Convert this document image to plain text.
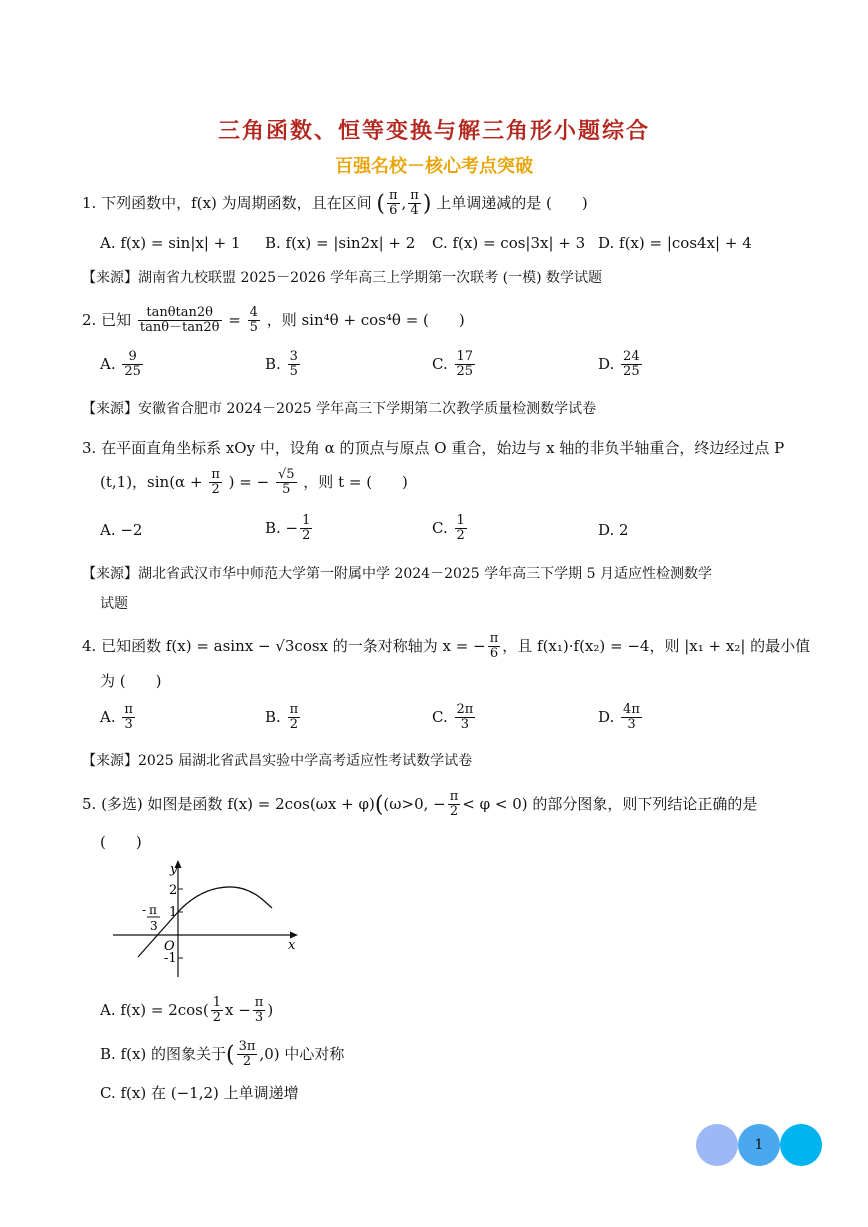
三角函数、恒等变换与解三角形小题综合
百强名校－核心考点突破
1. 下列函数中，f(x) 为周期函数，且在区间 ( $\frac{\pi}{6}$ , $\frac{\pi}{4}$ ) 上单调递减的是 (　　)
A. f(x) = sin|x| + 1 B. f(x) = |sin2x| + 2 C. f(x) = cos|3x| + 3 D. f(x) = |cos4x| + 4
【来源】湖南省九校联盟 2025－2026 学年高三上学期第一次联考 (一模) 数学试题
2. 已知 $\frac{\tan\theta\tan 2\theta}{\tan\theta-\tan 2\theta} = \frac{4}{5}$ ，则 sin⁴θ + cos⁴θ = (　　)
A. $\frac{9}{25}$	B. $\frac{3}{5}$	C. $\frac{17}{25}$	D. $\frac{24}{25}$
【来源】安徽省合肥市 2024－2025 学年高三下学期第二次教学质量检测数学试卷
3. 在平面直角坐标系 xOy 中，设角 α 的顶点与原点 O 重合，始边与 x 轴的非负半轴重合，终边经过点 P
(t,1)，$\sin(\alpha + \frac{\pi}{2}$ ) = − $\frac{√5}{5}$ ，则 t = (　　)
A. −2	B. − $\frac{1}{2}$	C. $\frac{1}{2}$	D. 2
【来源】湖北省武汉市华中师范大学第一附属中学 2024－2025 学年高三下学期 5 月适应性检测数学
试题
4. 已知函数 f(x) = asinx − √3cosx 的一条对称轴为 x = − $\frac{\pi}{6}$ ，且 f(x₁)·f(x₂) = −4，则 |x₁ + x₂| 的最小值
为 (　　)
A. $\frac{\pi}{3}$	B. $\frac{\pi}{2}$	C. $\frac{2\pi}{3}$	D. $\frac{4\pi}{3}$
【来源】2025 届湖北省武昌实验中学高考适应性考试数学试卷
5. (多选) 如图是函数 f(x) = 2cos(ωx + φ)((ω>0, − $\frac{\pi}{2} < \varphi < 0$) 的部分图象，则下列结论正确的是
(　　)
y
x
O
2
1
-1
- π
3
A. $f(x) = 2\cos( \frac{1}{2}$ $x - \frac{\pi}{3}$ )
B. f(x) 的图象关于( $\frac{3\pi}{2} ,0$) 中心对称
C. f(x) 在 (−1,2) 上单调递增
1
